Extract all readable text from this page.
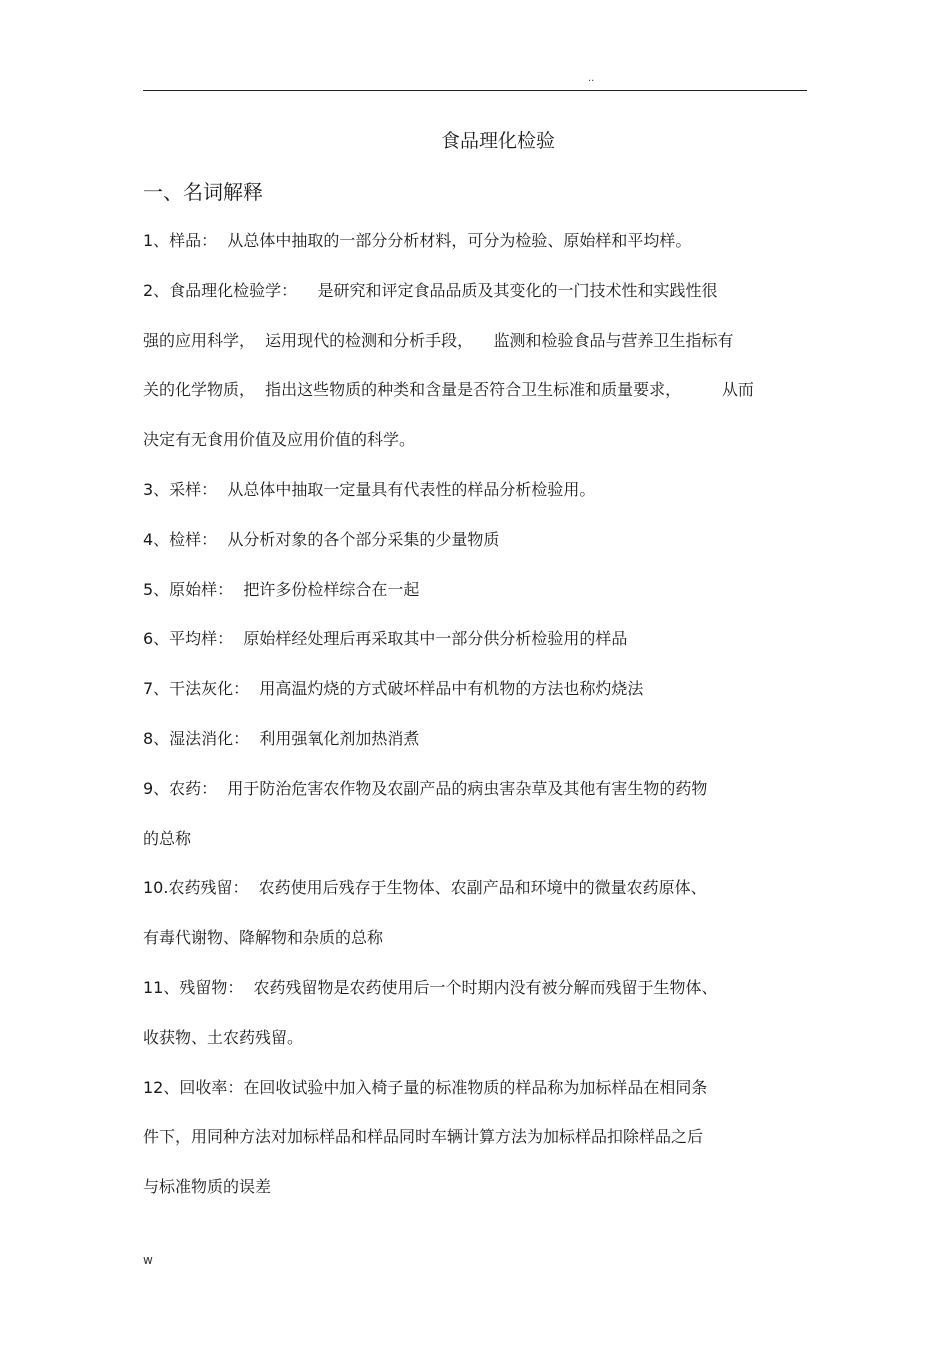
..
食品理化检验
一、名词解释
1、样品：  从总体中抽取的一部分分析材料，可分为检验、原始样和平均样。
2、食品理化检验学：    是研究和评定食品品质及其变化的一门技术性和实践性很
强的应用科学，  运用现代的检测和分析手段，    监测和检验食品与营养卫生指标有
关的化学物质，  指出这些物质的种类和含量是否符合卫生标准和质量要求，        从而
决定有无食用价值及应用价值的科学。
3、采样：  从总体中抽取一定量具有代表性的样品分析检验用。
4、检样：  从分析对象的各个部分采集的少量物质
5、原始样：  把许多份检样综合在一起
6、平均样：  原始样经处理后再采取其中一部分供分析检验用的样品
7、干法灰化：  用高温灼烧的方式破坏样品中有机物的方法也称灼烧法
8、湿法消化：  利用强氧化剂加热消煮
9、农药：  用于防治危害农作物及农副产品的病虫害杂草及其他有害生物的药物
的总称
10.农药残留：  农药使用后残存于生物体、农副产品和环境中的微量农药原体、
有毒代谢物、降解物和杂质的总称
11、残留物：  农药残留物是农药使用后一个时期内没有被分解而残留于生物体、
收获物、土农药残留。
12、回收率：在回收试验中加入椅子量的标准物质的样品称为加标样品在相同条
件下，用同种方法对加标样品和样品同时车辆计算方法为加标样品扣除样品之后
与标准物质的误差
w
